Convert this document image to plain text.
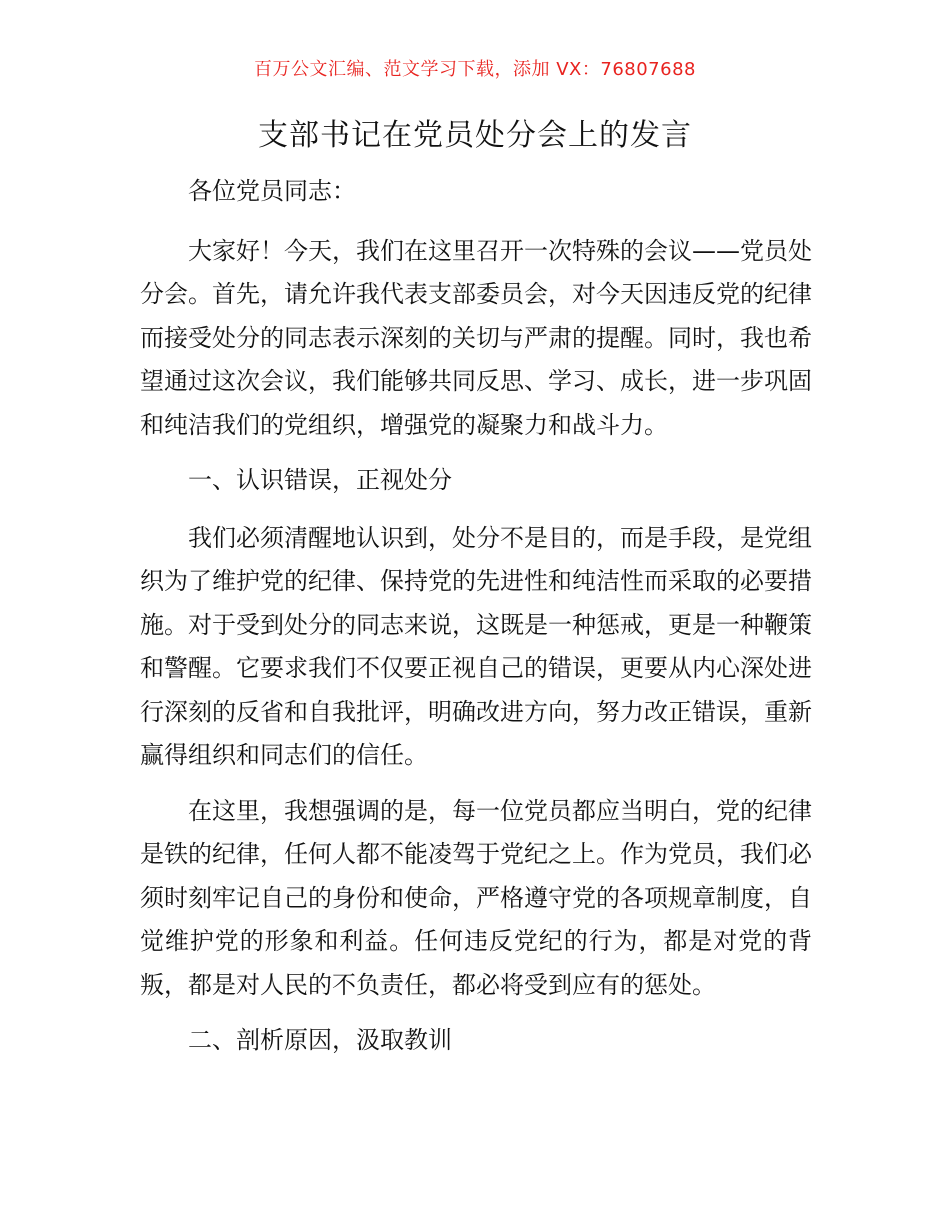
百万公文汇编、范文学习下载，添加 VX：76807688
支部书记在党员处分会上的发言

各位党员同志：

大家好！今天，我们在这里召开一次特殊的会议——党员处分会。首先，请允许我代表支部委员会，对今天因违反党的纪律而接受处分的同志表示深刻的关切与严肃的提醒。同时，我也希望通过这次会议，我们能够共同反思、学习、成长，进一步巩固和纯洁我们的党组织，增强党的凝聚力和战斗力。

一、认识错误，正视处分

我们必须清醒地认识到，处分不是目的，而是手段，是党组织为了维护党的纪律、保持党的先进性和纯洁性而采取的必要措施。对于受到处分的同志来说，这既是一种惩戒，更是一种鞭策和警醒。它要求我们不仅要正视自己的错误，更要从内心深处进行深刻的反省和自我批评，明确改进方向，努力改正错误，重新赢得组织和同志们的信任。

在这里，我想强调的是，每一位党员都应当明白，党的纪律是铁的纪律，任何人都不能凌驾于党纪之上。作为党员，我们必须时刻牢记自己的身份和使命，严格遵守党的各项规章制度，自觉维护党的形象和利益。任何违反党纪的行为，都是对党的背叛，都是对人民的不负责任，都必将受到应有的惩处。

二、剖析原因，汲取教训
